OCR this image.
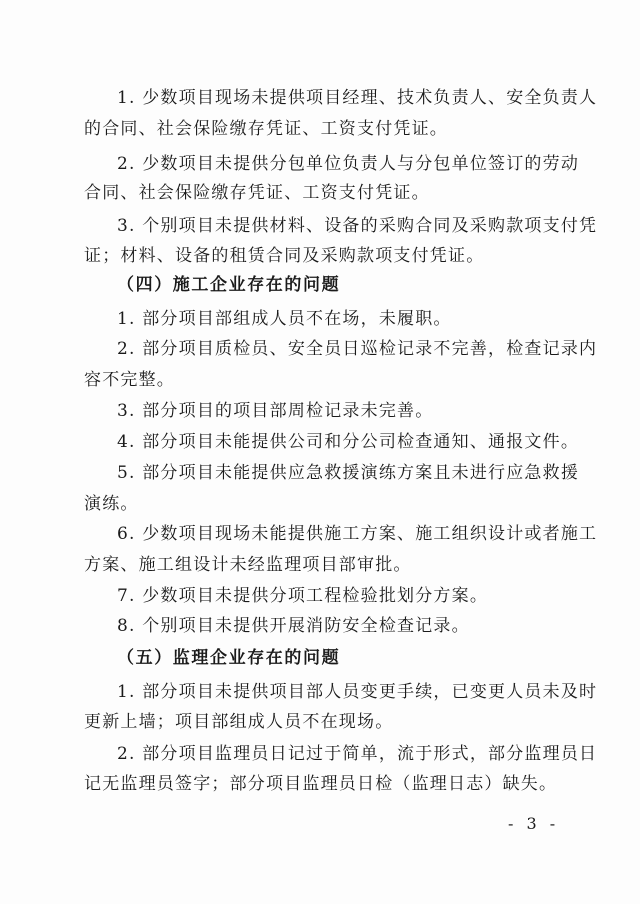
1. 少数项目现场未提供项目经理、技术负责人、安全负责人
的合同、社会保险缴存凭证、工资支付凭证。
2. 少数项目未提供分包单位负责人与分包单位签订的劳动
合同、社会保险缴存凭证、工资支付凭证。
3. 个别项目未提供材料、设备的采购合同及采购款项支付凭
证；材料、设备的租赁合同及采购款项支付凭证。
（四）施工企业存在的问题
1. 部分项目部组成人员不在场，未履职。
2. 部分项目质检员、安全员日巡检记录不完善，检查记录内
容不完整。
3. 部分项目的项目部周检记录未完善。
4. 部分项目未能提供公司和分公司检查通知、通报文件。
5. 部分项目未能提供应急救援演练方案且未进行应急救援
演练。
6. 少数项目现场未能提供施工方案、施工组织设计或者施工
方案、施工组设计未经监理项目部审批。
7. 少数项目未提供分项工程检验批划分方案。
8. 个别项目未提供开展消防安全检查记录。
（五）监理企业存在的问题
1. 部分项目未提供项目部人员变更手续，已变更人员未及时
更新上墙；项目部组成人员不在现场。
2. 部分项目监理员日记过于简单，流于形式，部分监理员日
记无监理员签字；部分项目监理员日检（监理日志）缺失。
- 3 -
